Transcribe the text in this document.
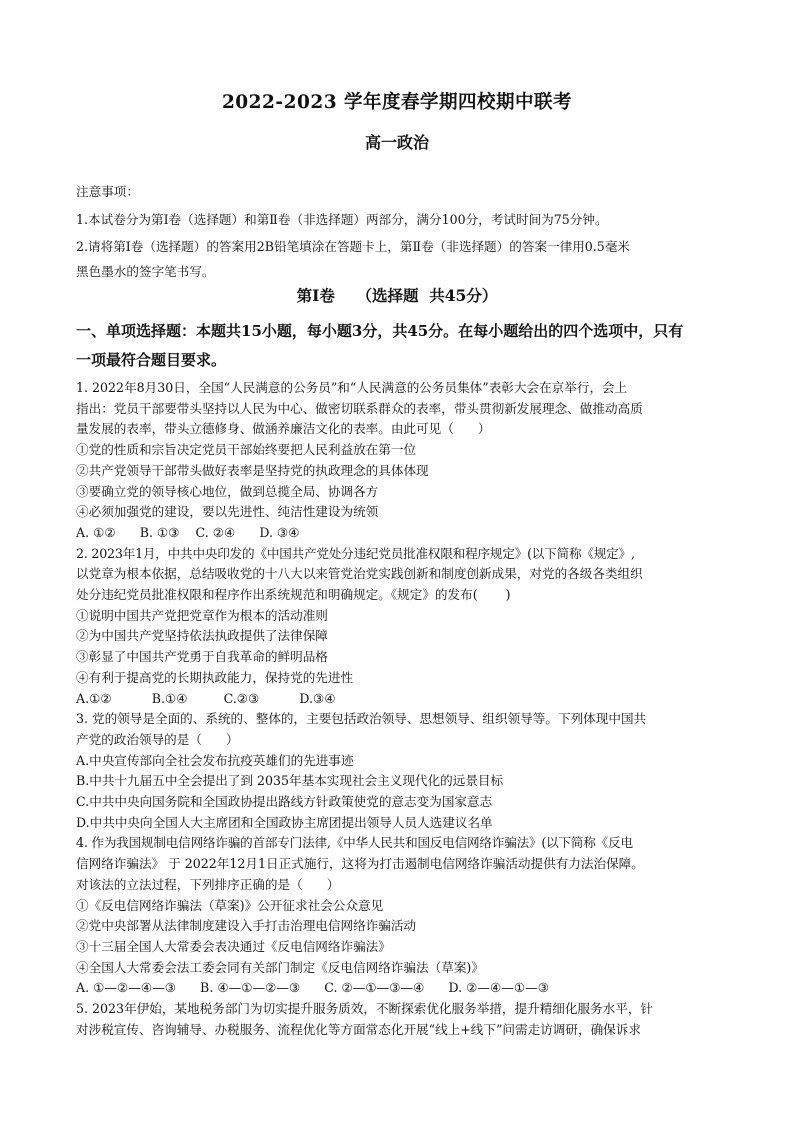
2022-2023 学年度春学期四校期中联考
高一政治

注意事项：

1.本试卷分为第Ⅰ卷（选择题）和第Ⅱ卷（非选择题）两部分，满分100分，考试时间为75分钟。

2.请将第Ⅰ卷（选择题）的答案用2B铅笔填涂在答题卡上，第Ⅱ卷（非选择题）的答案一律用0.5毫米

黑色墨水的签字笔书写。

第Ⅰ卷    （选择题  共45分）
一、单项选择题：本题共15小题，每小题3分，共45分。在每小题给出的四个选项中，只有
一项最符合题目要求。

1. 2022年8月30日，全国“人民满意的公务员”和“人民满意的公务员集体”表彰大会在京举行，会上

指出：党员干部要带头坚持以人民为中心、做密切联系群众的表率，带头贯彻新发展理念、做推动高质

量发展的表率，带头立德修身、做涵养廉洁文化的表率。由此可见（      ）

①党的性质和宗旨决定党员干部始终要把人民利益放在第一位

②共产党领导干部带头做好表率是坚持党的执政理念的具体体现

③要确立党的领导核心地位，做到总揽全局、协调各方

④必须加强党的建设，要以先进性、纯洁性建设为统领

A. ①②      B. ①③    C. ②④      D. ③④

2. 2023年1月，中共中央印发的《中国共产党处分违纪党员批准权限和程序规定》(以下简称《规定》,

以党章为根本依据，总结吸收党的十八大以来管党治党实践创新和制度创新成果，对党的各级各类组织

处分违纪党员批准权限和程序作出系统规范和明确规定。《规定》的发布(       )

①说明中国共产党把党章作为根本的活动准则

②为中国共产党坚持依法执政提供了法律保障

③彰显了中国共产党勇于自我革命的鲜明品格

④有利于提高党的长期执政能力，保持党的先进性

A.①②          B.①④         C.②③          D.③④

3. 党的领导是全面的、系统的、整体的，主要包括政治领导、思想领导、组织领导等。下列体现中国共

产党的政治领导的是（      ）

A.中央宣传部向全社会发布抗疫英雄们的先进事迹

B.中共十九届五中全会提出了到 2035年基本实现社会主义现代化的远景目标

C.中共中央向国务院和全国政协提出路线方针政策使党的意志变为国家意志

D.中共中央向全国人大主席团和全国政协主席团提出领导人员人选建议名单

4. 作为我国规制电信网络诈骗的首部专门法律,《中华人民共和国反电信网络诈骗法》(以下简称《反电

信网络诈骗法》 于 2022年12月1日正式施行，这将为打击遏制电信网络诈骗活动提供有力法治保障。

对该法的立法过程，下列排序正确的是（      ）

①《反电信网络诈骗法（草案)》公开征求社会公众意见

②党中央部署从法律制度建设入手打击治理电信网络诈骗活动

③十三届全国人大常委会表决通过《反电信网络诈骗法》

④全国人大常委会法工委会同有关部门制定《反电信网络诈骗法（草案)》

A. ①—②—④—③      B. ④—①—②—③      C. ②—①—③—④      D. ②—④—①—③

5. 2023年伊始，某地税务部门为切实提升服务质效，不断探索优化服务举措，提升精细化服务水平，针

对涉税宣传、咨询辅导、办税服务、流程优化等方面常态化开展“线上+线下”问需走访调研，确保诉求
